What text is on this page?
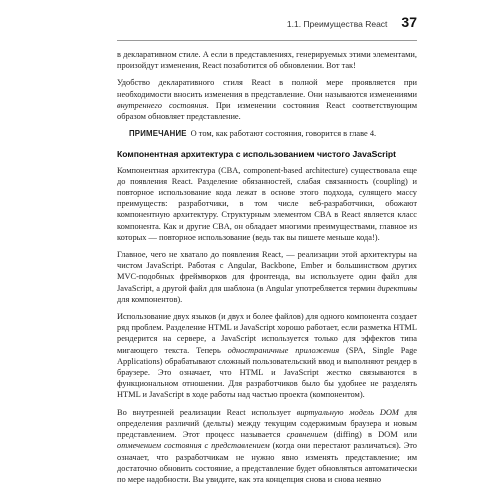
1.1. Преимущества React 37

в декларативном стиле. А если в представлениях, генерируемых этими элементами, произойдут изменения, React позаботится об обновлении. Вот так!

Удобство декларативного стиля React в полной мере проявляется при необходимости вносить изменения в представление. Они называются изменениями внутреннего состояния. При изменении состояния React соответствующим образом обновляет представление.

ПРИМЕЧАНИЕ О том, как работают состояния, говорится в главе 4.

Компонентная архитектура с использованием чистого JavaScript

Компонентная архитектура (CBA, component-based architecture) существовала еще до появления React. Разделение обязанностей, слабая связанность (coupling) и повторное использование кода лежат в основе этого подхода, сулящего массу преимуществ: разработчики, в том числе веб-разработчики, обожают компонентную архитектуру. Структурным элементом CBA в React является класс компонента. Как и другие CBA, он обладает многими преимуществами, главное из которых — повторное использование (ведь так вы пишете меньше кода!).

Главное, чего не хватало до появления React, — реализации этой архитектуры на чистом JavaScript. Работая с Angular, Backbone, Ember и большинством других MVC-подобных фреймворков для фронтенда, вы используете один файл для JavaScript, а другой файл для шаблона (в Angular употребляется термин директивы для компонентов).

Использование двух языков (и двух и более файлов) для одного компонента создает ряд проблем. Разделение HTML и JavaScript хорошо работает, если разметка HTML рендерится на сервере, а JavaScript используется только для эффектов типа мигающего текста. Теперь одностраничные приложения (SPA, Single Page Applications) обрабатывают сложный пользовательский ввод и выполняют рендер в браузере. Это означает, что HTML и JavaScript жестко связываются в функциональном отношении. Для разработчиков было бы удобнее не разделять HTML и JavaScript в ходе работы над частью проекта (компонентом).

Во внутренней реализации React использует виртуальную модель DOM для определения различий (дельты) между текущим содержимым браузера и новым представлением. Этот процесс называется сравнением (diffing) в DOM или отмечением состояния с представлением (когда они перестают различаться). Это означает, что разработчикам не нужно явно изменять представление; им достаточно обновить состояние, а представление будет обновляться автоматически по мере надобности. Вы увидите, как эта концепция снова и снова неявно
